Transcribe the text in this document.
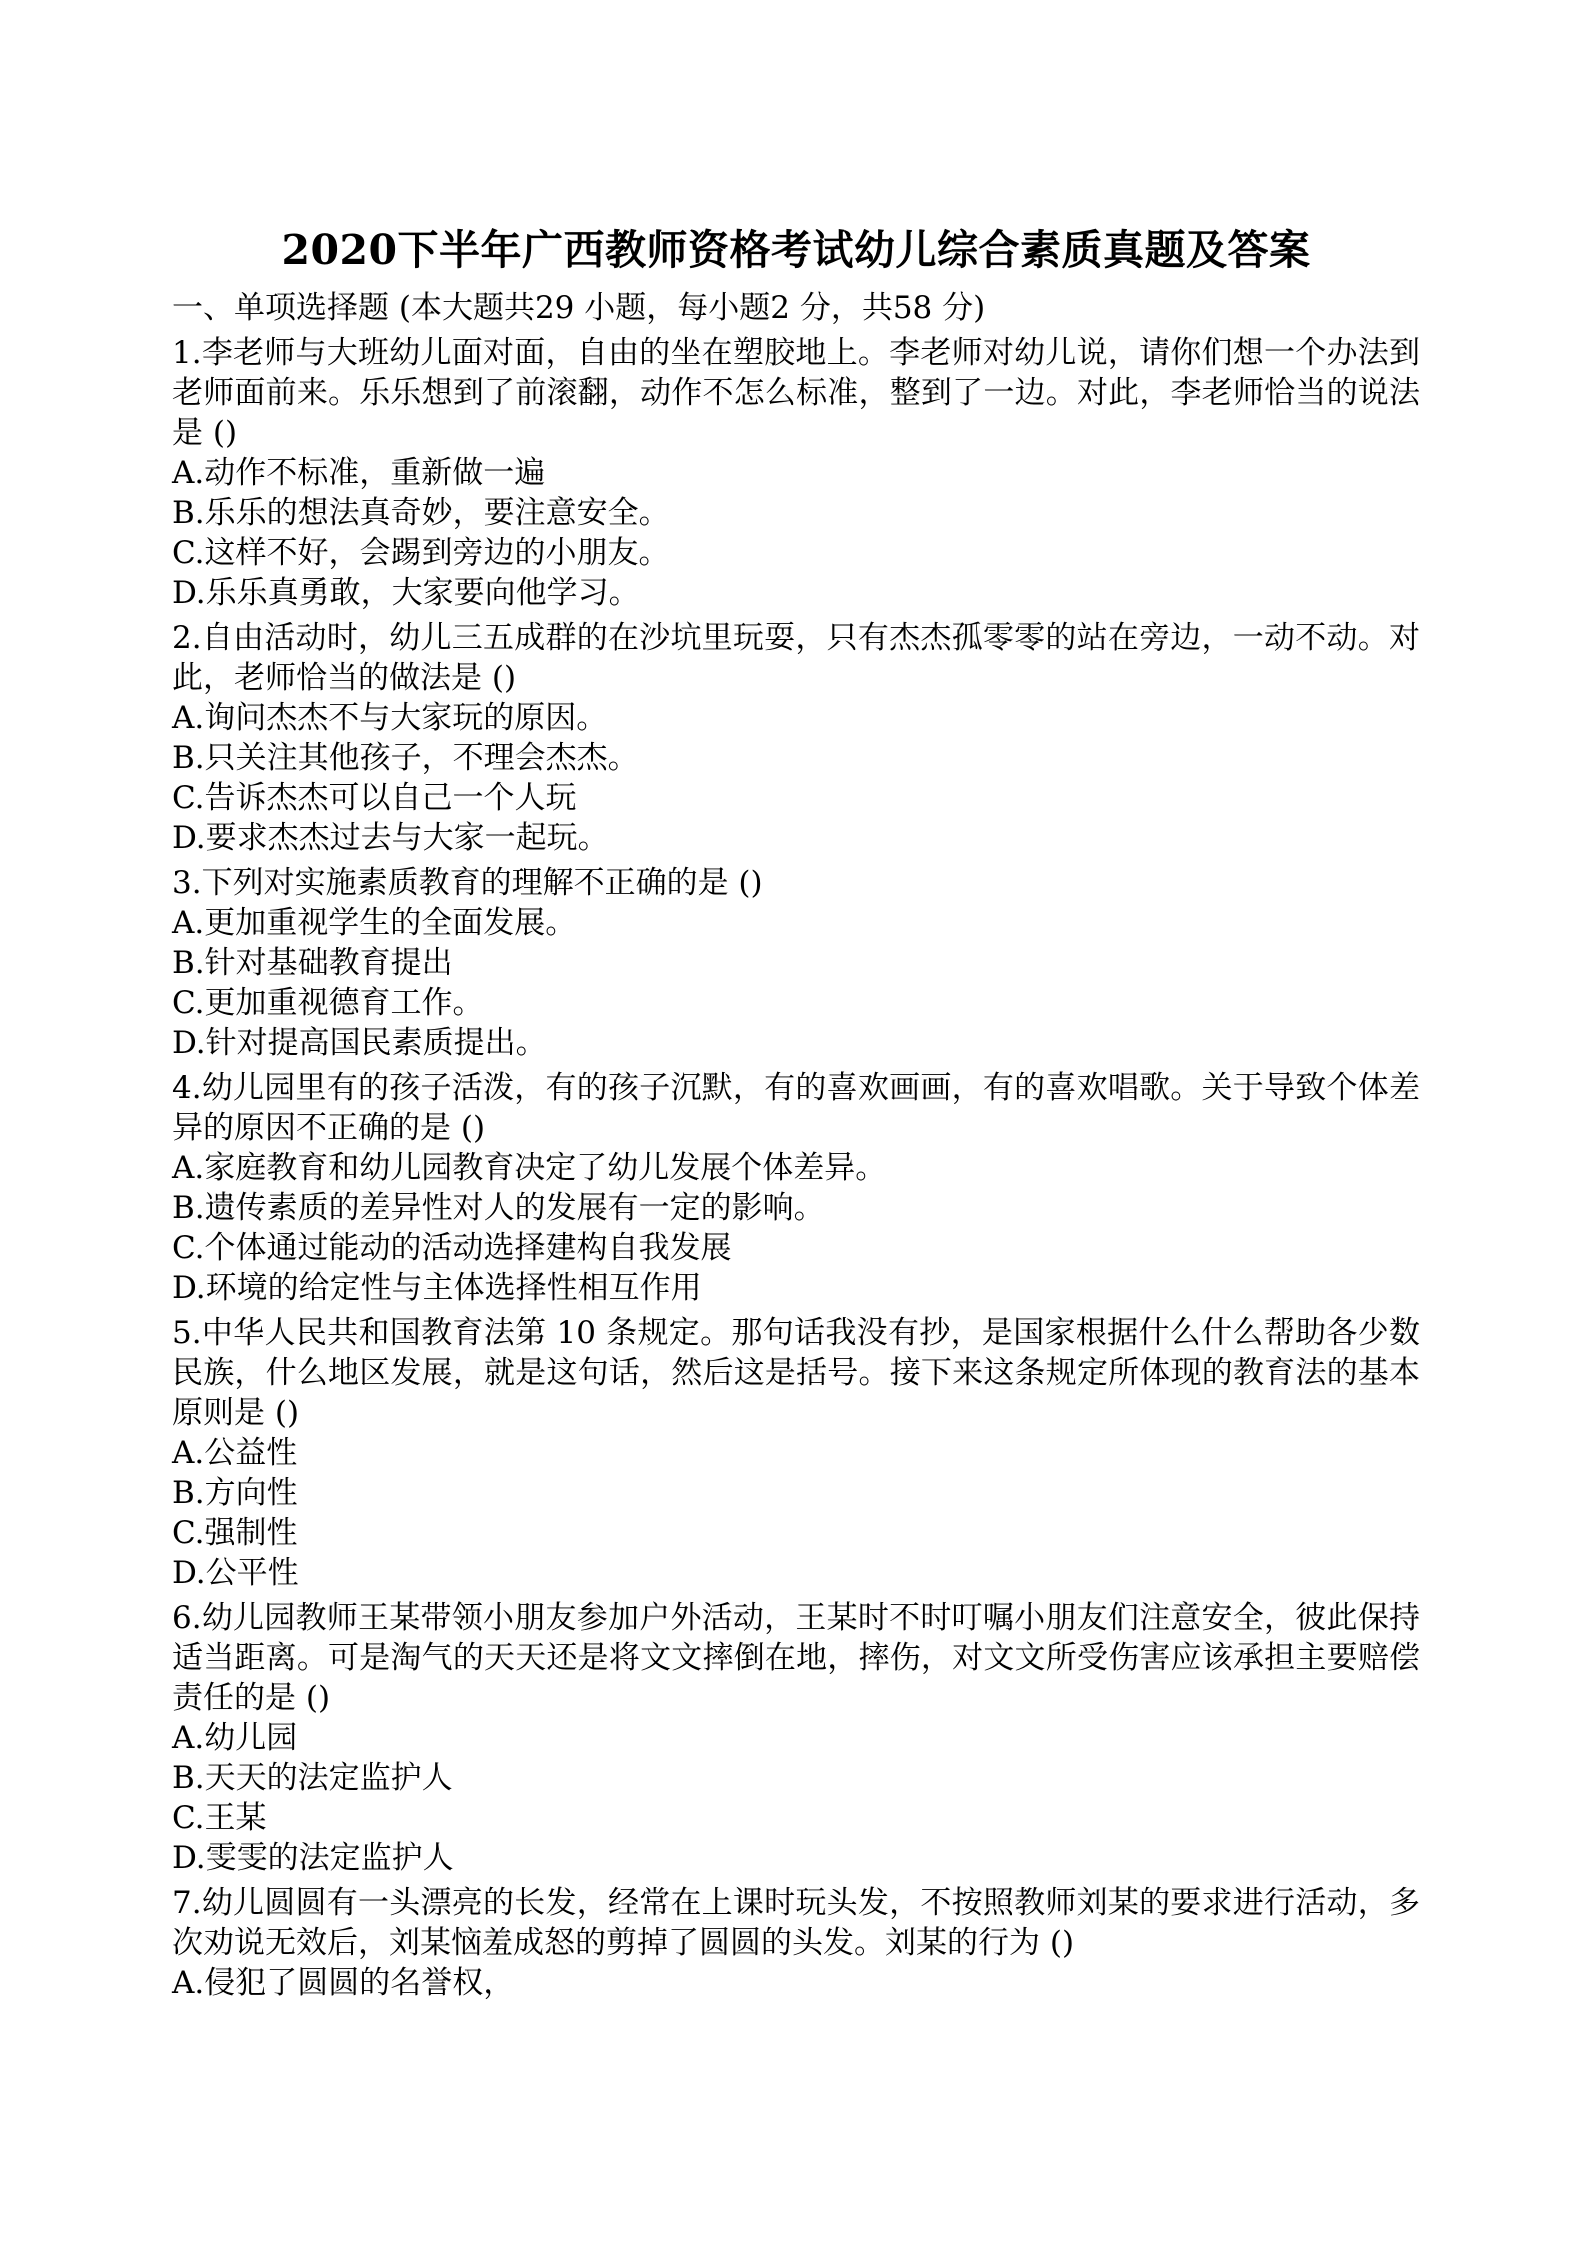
2020下半年广西教师资格考试幼儿综合素质真题及答案

一、单项选择题 (本大题共29 小题，每小题2 分，共58 分)

1.李老师与大班幼儿面对面，自由的坐在塑胶地上。李老师对幼儿说，请你们想一个办法到老师面前来。乐乐想到了前滚翻，动作不怎么标准，整到了一边。对此，李老师恰当的说法是 ()

A.动作不标准，重新做一遍

B.乐乐的想法真奇妙，要注意安全。

C.这样不好，会踢到旁边的小朋友。

D.乐乐真勇敢，大家要向他学习。

2.自由活动时，幼儿三五成群的在沙坑里玩耍，只有杰杰孤零零的站在旁边，一动不动。对此，老师恰当的做法是 ()

A.询问杰杰不与大家玩的原因。

B.只关注其他孩子，不理会杰杰。

C.告诉杰杰可以自己一个人玩

D.要求杰杰过去与大家一起玩。

3.下列对实施素质教育的理解不正确的是 ()

A.更加重视学生的全面发展。

B.针对基础教育提出

C.更加重视德育工作。

D.针对提高国民素质提出。

4.幼儿园里有的孩子活泼，有的孩子沉默，有的喜欢画画，有的喜欢唱歌。关于导致个体差异的原因不正确的是 ()

A.家庭教育和幼儿园教育决定了幼儿发展个体差异。

B.遗传素质的差异性对人的发展有一定的影响。

C.个体通过能动的活动选择建构自我发展

D.环境的给定性与主体选择性相互作用

5.中华人民共和国教育法第 10 条规定。那句话我没有抄，是国家根据什么什么帮助各少数民族，什么地区发展，就是这句话，然后这是括号。接下来这条规定所体现的教育法的基本原则是 ()

A.公益性

B.方向性

C.强制性

D.公平性

6.幼儿园教师王某带领小朋友参加户外活动，王某时不时叮嘱小朋友们注意安全，彼此保持适当距离。可是淘气的天天还是将文文摔倒在地，摔伤，对文文所受伤害应该承担主要赔偿责任的是 ()

A.幼儿园

B.天天的法定监护人

C.王某

D.雯雯的法定监护人

7.幼儿圆圆有一头漂亮的长发，经常在上课时玩头发，不按照教师刘某的要求进行活动，多次劝说无效后，刘某恼羞成怒的剪掉了圆圆的头发。刘某的行为 ()

A.侵犯了圆圆的名誉权，
